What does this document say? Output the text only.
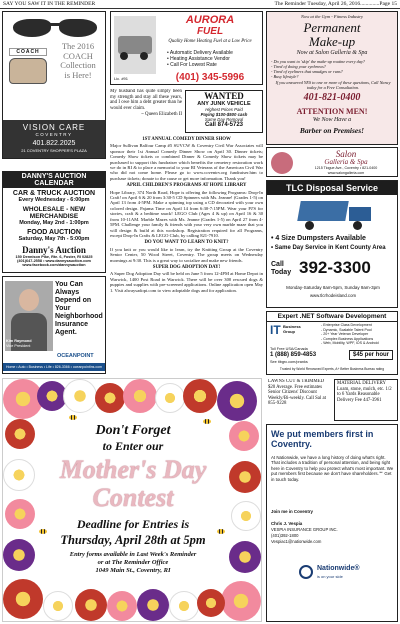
SAY YOU SAW IT IN THE REMINDER	The Reminder Tuesday, April 26, 2016..............Page 15
The 2016
COACH
Collection
is Here!
COACH
VISION CARE
COVENTRY
401.822.2025
21 COVENTRY SHOPPER'S PLAZA
Lic. #91
AURORA
FUEL
Quality Home Heating Fuel at a Low Price
• Automatic Delivery Available
• Heating Assistance Vendor
• Call For Lowest Rate
(401) 345-5996
Now at the Gym - Fitness Industry
Permanent
Make-up
Now at Salon Galleria & Spa
- Do you want to 'skip' the make-up routine every day?
- Tired of doing your eyebrows?
- Tired of eyeliners that smudges or runs?
- Busy lifestyle?
If you answered YES to one or more of these questions, Call Nancy today for a Free Consultation.
401-821-0400
ATTENTION MEN!
We Now Have a
Barber on Premises!
Salon
Galleria & Spa
1215 Tiogue Ave., Coventry • 821-0400
www.salongalleria.com
My husband has quite simply been my strength and stay all these years, and I owe him a debt greater than he would ever claim.
~ Queen Elizabeth II
WANTED
ANY JUNK VEHICLE
Highest Prices Paid
Paying $100-$500 cash
Same Day Removal
Call 874-5723
1ST ANNUAL COMEDY DINNER SHOW

Major Sullivan Balfour Camp #5 SUVCW & Coventry Civil War Associates will sponsor their 1st Annual Comedy Dinner Show on April 30. Dinner tickets; Comedy Show tickets or combined Dinner & Comedy Show tickets may be purchased to support this fundraiser which benefits the cemetery restoration work we do in RI & to place a memorial to your RI Veterans of the American Civil War who did not come home. Please go to www.coventrv.org fundraiser.htm to purchase tickets; donate to the cause or get more information. Thank you!

APRIL CHILDREN'S PROGRAMS AT HOPE LIBRARY

Hope Library, 374 North Road, Hope is offering the following Programs: Drop-In Craft! on April 6 & 20 from 3:30-5 CD Spinners with Ms. Jeanne! (Grades 1-5) on April 13 from 4-5PM. Make a spinning top using a CD decorated with your own colored design. Pajama Time on April 14 from 6:30-7:15PM. Wear your PJ'S for stories, craft & a bedtime snack! LEGO Club (Ages 4 & up) on April 16 & 30 from 10-11AM. Marble Mazes with Ms. Jeanne (Grades 1-5) on April 27 from 4-5PM. Challenge your family & friends with your very own marble maze that you will design & build at this workshop. Registration required for all Programs, except Drop-In Crafts & LEGO Club, by calling 821-7910.

DO YOU WANT TO LEARN TO KNIT?

If you knit or you would like to learn, try the Knitting Group at the Coventry Senior Center, 50 Wood Street, Coventry. The group meets on Wednesday mornings at 9:30. This is a great way to socialize and make new friends.

SUPER DOG ADOPTION DAY!

A Super Dog Adoption Day will be held on June 5 from 12-4PM at Home Depot in Warwick, 1400 Post Road in Warwick. There will be over 300 rescued dogs & puppies and supplies with pre-screened applications. Online application open May 1. Visit alwaysadopt.com to view adoptable dogs and for application.

DANNY'S AUCTION CALENDAR
CAR & TRUCK AUCTION
Every Wednesday - 6:00pm
WHOLESALE - NEW MERCHANDISE
Monday, May 2nd - 1:00pm
FOOD AUCTION
Saturday, May 7th - 5:00pm
Danny's Auction
150 Dennison Pike, Rte. 6, Foster, RI 02825
(401)647-2558 • www.dannysauction.com
www.facebook.com/dannysauction
Kim Raymond
Vice President
You Can Always Depend on Your Neighborhood Insurance Agent.
OCEANPOINT
Home • Auto • Business • Life • 826-3366 • oceanpointins.com
TLC Disposal Service
• 4 Size Dumpsters Available
• Same Day Service in Kent County Area
Call Today 392-3300
Monday-Saturday 8am-5pm, Sunday 9am-3pm
www.tlcrhodeisland.com
Expert .NET Software Development
IT Business
Group
- Enterprise Class Development
- Dynamic, Scalable Talent Pool
- 20+ Year Veteran Developer
- Complex Business Applications
- Web, Mobility, WPF, iOS & Android
Toll Free USA/Canada
1 (888) 859-4853
See itbgrc.com/pranks
$45 per hour
Trusted by World Renowned Experts, A+ Better Business Bureau rating
LAWNS CUT & TRIMMED $20 Average. Free estimates Senior Citizens' Discount Weekly/Bi-weekly. Call Sal at 855-9228
MATERIAL DELIVERY Loam, stone, mulch, etc. 1/2 to 6 Yards Reasonable Delivery Fee 447-3961
Don't Forget
to Enter our
Mother's Day
Contest
Deadline for Entries is
Thursday, April 28th at 5pm
Entry forms available in Last Week's Reminder
or at The Reminder Office
1049 Main St., Coventry, RI
We put members first in Coventry.
At Nationwide, we have a long history of doing what's right. That includes a tradition of personal attention, and being right here in Coventry to help you protect what's most important. We put members first because we don't have shareholders.℠ Get in touch today.
Join me in Coventry
Chris J. Vespia
VESPIA INSURANCE GROUP INC.
(401)392-1800
Vespiac1@nationwide.com
Nationwide®
is on your side
